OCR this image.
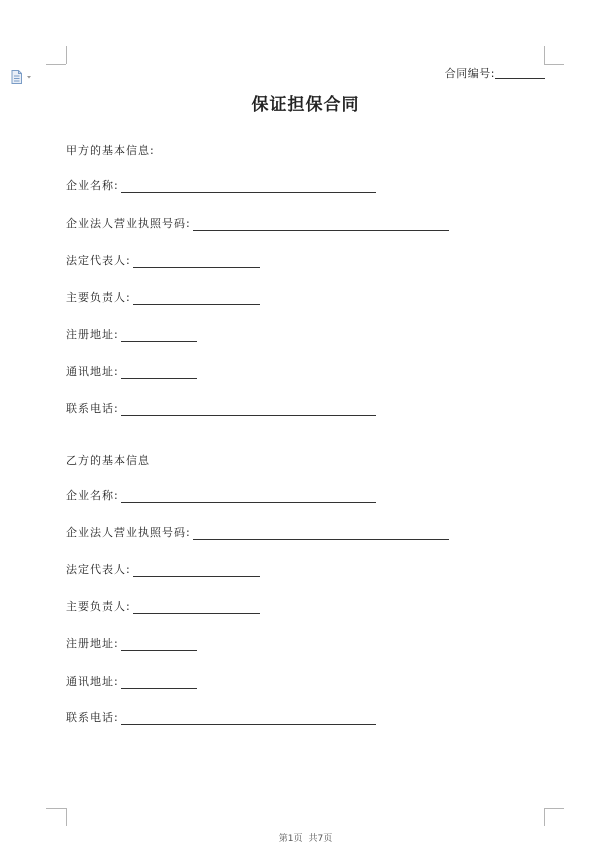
合同编号:
保证担保合同
甲方的基本信息:
企业名称:
企业法人营业执照号码:
法定代表人:
主要负责人:
注册地址:
通讯地址:
联系电话:
乙方的基本信息
企业名称:
企业法人营业执照号码:
法定代表人:
主要负责人:
注册地址:
通讯地址:
联系电话:
第1页 共7页
